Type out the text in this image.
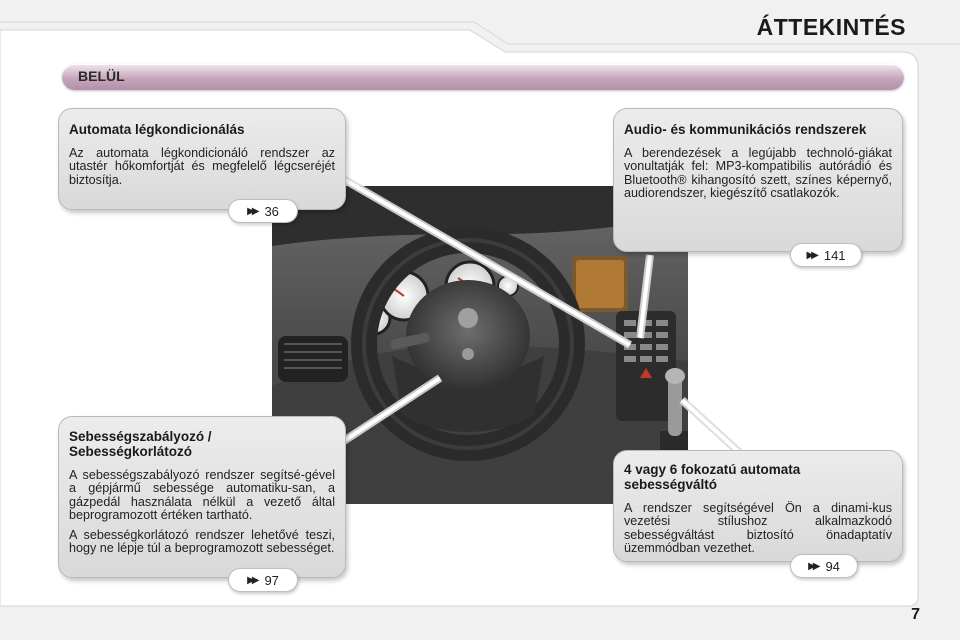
ÁTTEKINTÉS
BELÜL
Automata légkondicionálás

Az automata légkondicionáló rendszer az utastér hőkomfortját és megfelelő légcseréjét biztosítja.

▶▶ 36
Audio- és kommunikációs rendszerek

A berendezések a legújabb technoló-giákat vonultatják fel: MP3-kompatibilis autórádió és Bluetooth® kihangosító szett, színes képernyő, audiorendszer, kiegészítő csatlakozók.

▶▶ 141
Sebességszabályozó / Sebességkorlátozó

A sebességszabályozó rendszer segítsé-gével a gépjármű sebessége automatiku-san, a gázpedál használata nélkül a vezető által beprogramozott értéken tartható.

A sebességkorlátozó rendszer lehetővé teszi, hogy ne lépje túl a beprogramozott sebességet.

▶▶ 97
4 vagy 6 fokozatú automata sebességváltó

A rendszer segítségével Ön a dinami-kus vezetési stílushoz alkalmazkodó sebességváltást biztosító önadaptatív üzemmódban vezethet.

▶▶ 94
7
